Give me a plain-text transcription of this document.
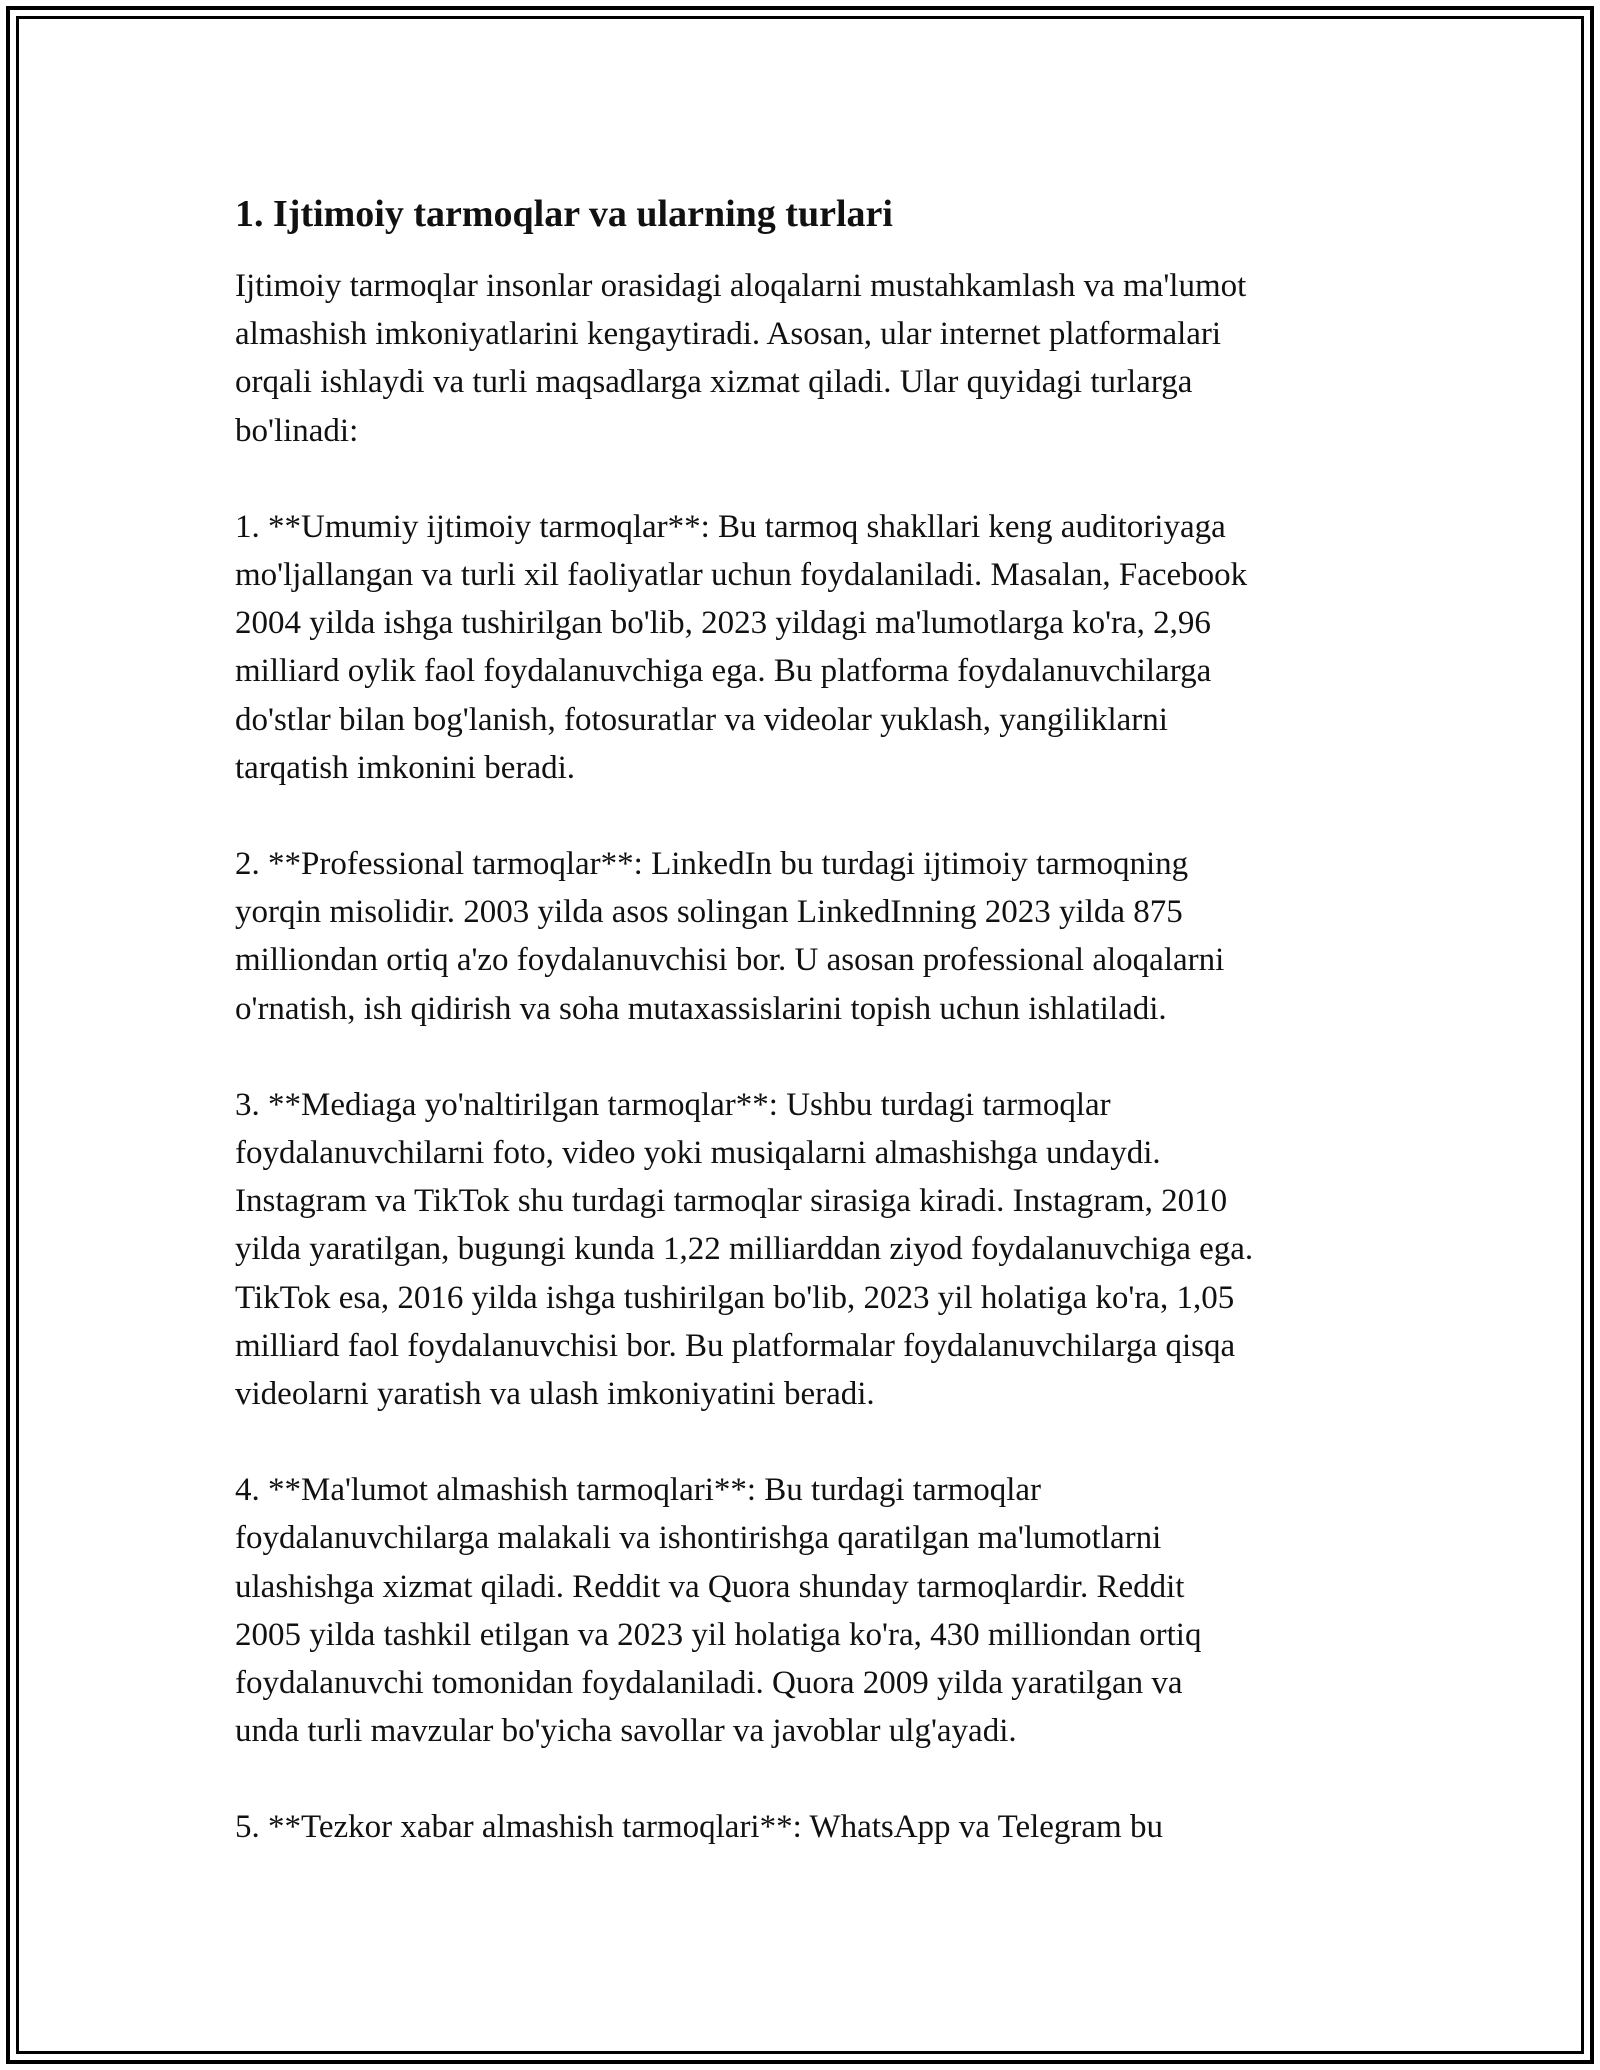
1. Ijtimoiy tarmoqlar va ularning turlari

Ijtimoiy tarmoqlar insonlar orasidagi aloqalarni mustahkamlash va ma'lumot
almashish imkoniyatlarini kengaytiradi. Asosan, ular internet platformalari
orqali ishlaydi va turli maqsadlarga xizmat qiladi. Ular quyidagi turlarga
bo'linadi:

1. **Umumiy ijtimoiy tarmoqlar**: Bu tarmoq shakllari keng auditoriyaga
mo'ljallangan va turli xil faoliyatlar uchun foydalaniladi. Masalan, Facebook
2004 yilda ishga tushirilgan bo'lib, 2023 yildagi ma'lumotlarga ko'ra, 2,96
milliard oylik faol foydalanuvchiga ega. Bu platforma foydalanuvchilarga
do'stlar bilan bog'lanish, fotosuratlar va videolar yuklash, yangiliklarni
tarqatish imkonini beradi.

2. **Professional tarmoqlar**: LinkedIn bu turdagi ijtimoiy tarmoqning
yorqin misolidir. 2003 yilda asos solingan LinkedInning 2023 yilda 875
milliondan ortiq a'zo foydalanuvchisi bor. U asosan professional aloqalarni
o'rnatish, ish qidirish va soha mutaxassislarini topish uchun ishlatiladi.

3. **Mediaga yo'naltirilgan tarmoqlar**: Ushbu turdagi tarmoqlar
foydalanuvchilarni foto, video yoki musiqalarni almashishga undaydi.
Instagram va TikTok shu turdagi tarmoqlar sirasiga kiradi. Instagram, 2010
yilda yaratilgan, bugungi kunda 1,22 milliarddan ziyod foydalanuvchiga ega.
TikTok esa, 2016 yilda ishga tushirilgan bo'lib, 2023 yil holatiga ko'ra, 1,05
milliard faol foydalanuvchisi bor. Bu platformalar foydalanuvchilarga qisqa
videolarni yaratish va ulash imkoniyatini beradi.

4. **Ma'lumot almashish tarmoqlari**: Bu turdagi tarmoqlar
foydalanuvchilarga malakali va ishontirishga qaratilgan ma'lumotlarni
ulashishga xizmat qiladi. Reddit va Quora shunday tarmoqlardir. Reddit
2005 yilda tashkil etilgan va 2023 yil holatiga ko'ra, 430 milliondan ortiq
foydalanuvchi tomonidan foydalaniladi. Quora 2009 yilda yaratilgan va
unda turli mavzular bo'yicha savollar va javoblar ulg'ayadi.

5. **Tezkor xabar almashish tarmoqlari**: WhatsApp va Telegram bu
